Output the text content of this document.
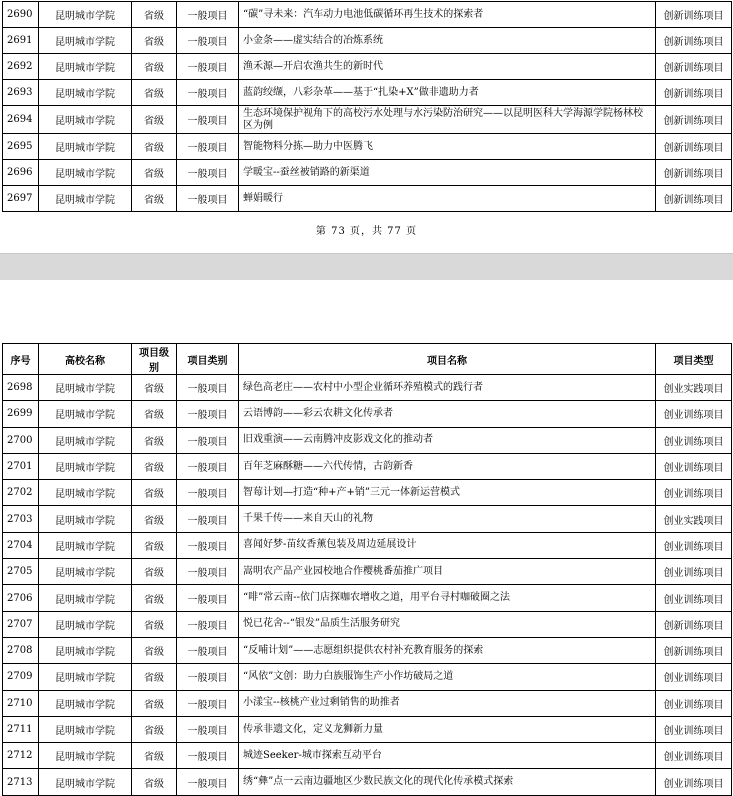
2690	昆明城市学院	省级	一般项目	“碳”寻未来：汽车动力电池低碳循环再生技术的探索者	创新训练项目
2691	昆明城市学院	省级	一般项目	小金条——虚实结合的冶炼系统	创新训练项目
2692	昆明城市学院	省级	一般项目	渔禾源—开启农渔共生的新时代	创新训练项目
2693	昆明城市学院	省级	一般项目	蓝韵绞缬，八彩杂革——基于“扎染+X”做非遗助力者	创新训练项目
2694	昆明城市学院	省级	一般项目	生态环境保护视角下的高校污水处理与水污染防治研究——以昆明医科大学海源学院杨林校区为例	创新训练项目
2695	昆明城市学院	省级	一般项目	智能物料分拣—助力中医腾飞	创新训练项目
2696	昆明城市学院	省级	一般项目	学暖宝--蚕丝被销路的新渠道	创新训练项目
2697	昆明城市学院	省级	一般项目	蝉娟暖行	创新训练项目
第 73 页，共 77 页
序号	高校名称	项目级别	项目类别	项目名称	项目类型
2698	昆明城市学院	省级	一般项目	绿色高老庄——农村中小型企业循环养殖模式的践行者	创业实践项目
2699	昆明城市学院	省级	一般项目	云语博韵——彩云农耕文化传承者	创业训练项目
2700	昆明城市学院	省级	一般项目	旧戏重演——云南腾冲皮影戏文化的推动者	创业训练项目
2701	昆明城市学院	省级	一般项目	百年芝麻酥糖——六代传情，古韵新香	创业训练项目
2702	昆明城市学院	省级	一般项目	智莓计划—打造“种+产+销”三元一体新运营模式	创业训练项目
2703	昆明城市学院	省级	一般项目	千果千传——来自天山的礼物	创业实践项目
2704	昆明城市学院	省级	一般项目	喜闻好梦-苗纹香薰包装及周边延展设计	创业训练项目
2705	昆明城市学院	省级	一般项目	嵩明农产品产业园校地合作樱桃番茄推广项目	创业训练项目
2706	昆明城市学院	省级	一般项目	“啡”常云南--依门店探咖农增收之道，用平台寻村咖破圈之法	创业训练项目
2707	昆明城市学院	省级	一般项目	悦已花舍--“银发”品质生活服务研究	创新训练项目
2708	昆明城市学院	省级	一般项目	“反哺计划”——志愿组织提供农村补充教育服务的探索	创新训练项目
2709	昆明城市学院	省级	一般项目	“风依”文创：助力白族服饰生产小作坊破局之道	创业训练项目
2710	昆明城市学院	省级	一般项目	小漾宝--核桃产业过剩销售的助推者	创业训练项目
2711	昆明城市学院	省级	一般项目	传承非遗文化，定义龙狮新力量	创业训练项目
2712	昆明城市学院	省级	一般项目	城迹Seeker-城市探索互动平台	创业训练项目
2713	昆明城市学院	省级	一般项目	绣“彝”点一云南边疆地区少数民族文化的现代化传承模式探索	创业训练项目
